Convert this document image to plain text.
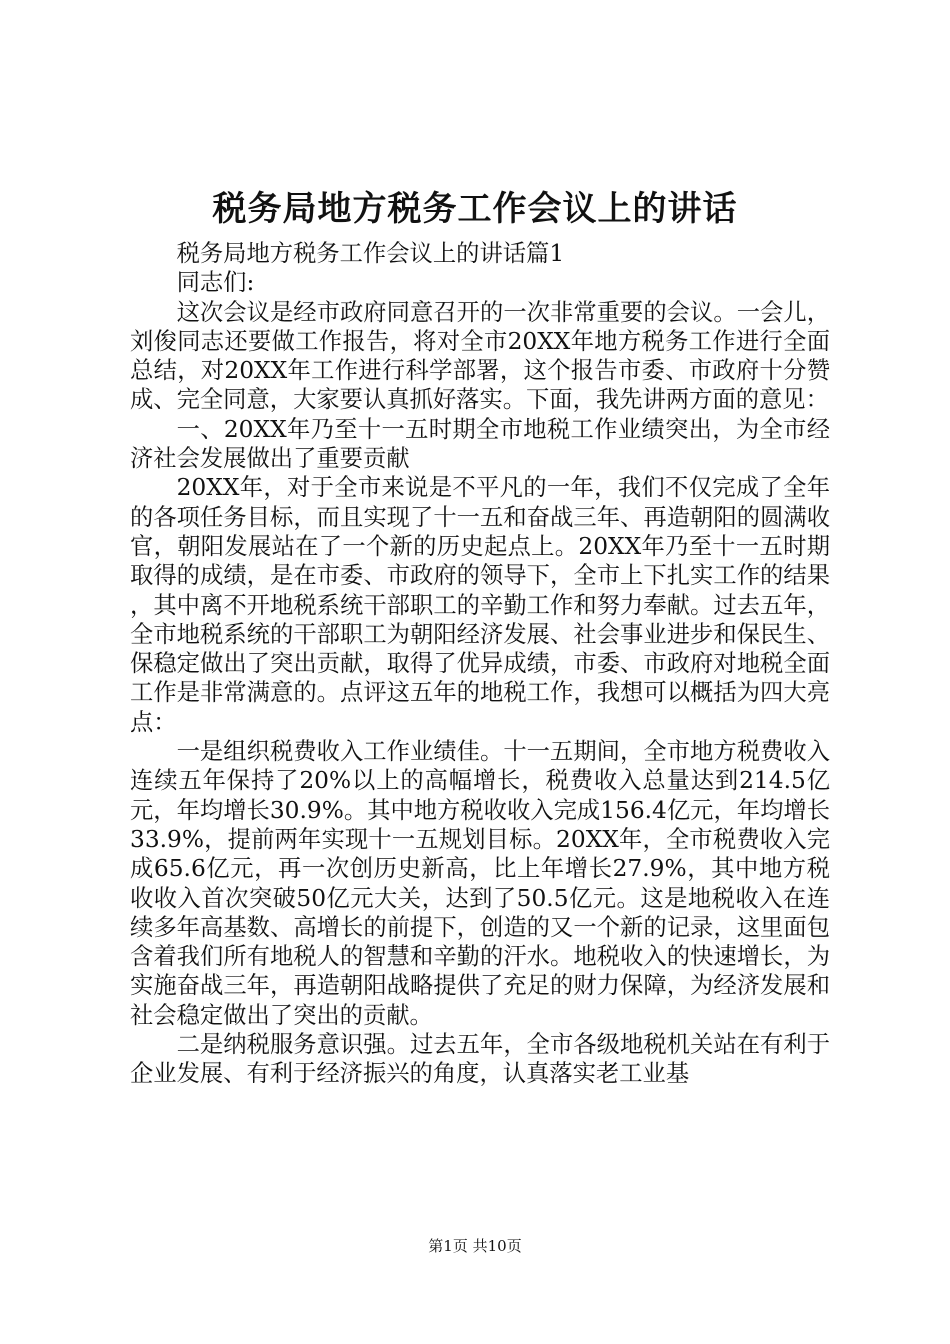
税务局地方税务工作会议上的讲话

税务局地方税务工作会议上的讲话篇1

同志们:

这次会议是经市政府同意召开的一次非常重要的会议。一会儿，刘俊同志还要做工作报告，将对全市20XX年地方税务工作进行全面总结，对20XX年工作进行科学部署，这个报告市委、市政府十分赞成、完全同意，大家要认真抓好落实。下面，我先讲两方面的意见：

一、20XX年乃至十一五时期全市地税工作业绩突出，为全市经济社会发展做出了重要贡献

20XX年，对于全市来说是不平凡的一年，我们不仅完成了全年的各项任务目标，而且实现了十一五和奋战三年、再造朝阳的圆满收官，朝阳发展站在了一个新的历史起点上。20XX年乃至十一五时期取得的成绩，是在市委、市政府的领导下，全市上下扎实工作的结果，其中离不开地税系统干部职工的辛勤工作和努力奉献。过去五年，全市地税系统的干部职工为朝阳经济发展、社会事业进步和保民生、保稳定做出了突出贡献，取得了优异成绩，市委、市政府对地税全面工作是非常满意的。点评这五年的地税工作，我想可以概括为四大亮点：

一是组织税费收入工作业绩佳。十一五期间，全市地方税费收入连续五年保持了20%以上的高幅增长，税费收入总量达到214.5亿元，年均增长30.9%。其中地方税收收入完成156.4亿元，年均增长33.9%，提前两年实现十一五规划目标。20XX年，全市税费收入完成65.6亿元，再一次创历史新高，比上年增长27.9%，其中地方税收收入首次突破50亿元大关，达到了50.5亿元。这是地税收入在连续多年高基数、高增长的前提下，创造的又一个新的记录，这里面包含着我们所有地税人的智慧和辛勤的汗水。地税收入的快速增长，为实施奋战三年，再造朝阳战略提供了充足的财力保障，为经济发展和社会稳定做出了突出的贡献。

二是纳税服务意识强。过去五年，全市各级地税机关站在有利于企业发展、有利于经济振兴的角度，认真落实老工业基

第1页 共10页
